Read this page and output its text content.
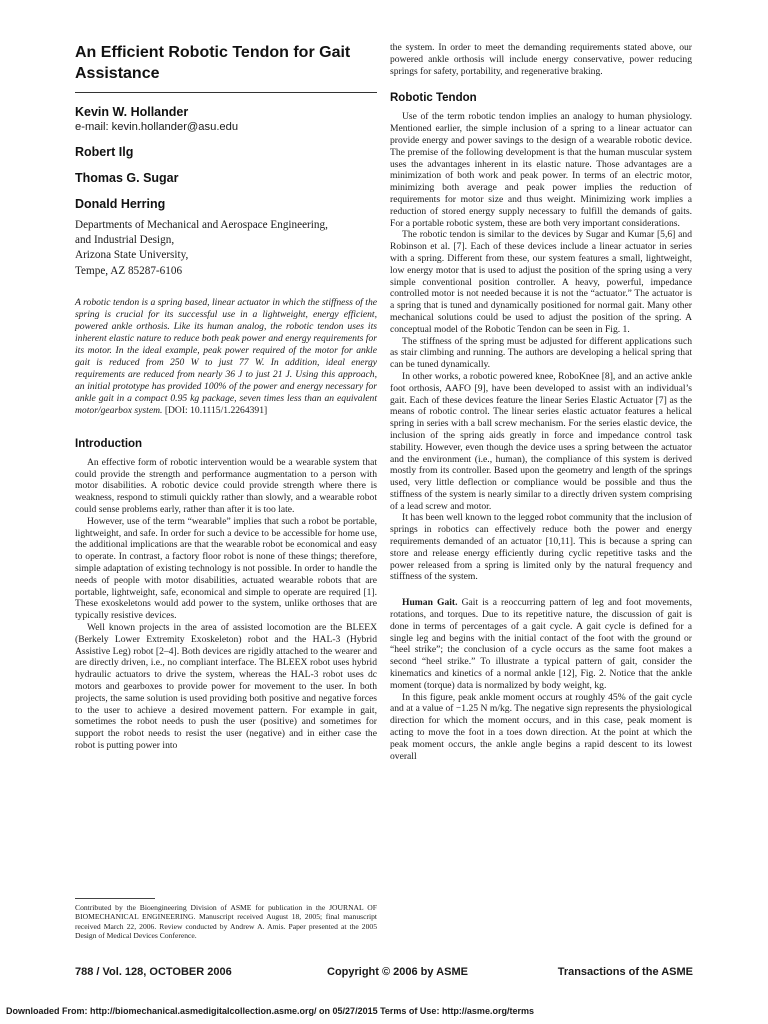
An Efficient Robotic Tendon for Gait Assistance

Kevin W. Hollander

e-mail: kevin.hollander@asu.edu

Robert Ilg

Thomas G. Sugar

Donald Herring

Departments of Mechanical and Aerospace Engineering,
and Industrial Design,
Arizona State University,
Tempe, AZ 85287-6106

A robotic tendon is a spring based, linear actuator in which the stiffness of the spring is crucial for its successful use in a lightweight, energy efficient, powered ankle orthosis. Like its human analog, the robotic tendon uses its inherent elastic nature to reduce both peak power and energy requirements for its motor. In the ideal example, peak power required of the motor for ankle gait is reduced from 250 W to just 77 W. In addition, ideal energy requirements are reduced from nearly 36 J to just 21 J. Using this approach, an initial prototype has provided 100% of the power and energy necessary for ankle gait in a compact 0.95 kg package, seven times less than an equivalent motor/gearbox system. [DOI: 10.1115/1.2264391]

Introduction

An effective form of robotic intervention would be a wearable system that could provide the strength and performance augmentation to a person with motor disabilities. A robotic device could provide strength where there is weakness, respond to stimuli quickly rather than slowly, and a wearable robot could sense problems early, rather than after it is too late.

However, use of the term “wearable” implies that such a robot be portable, lightweight, and safe. In order for such a device to be accessible for home use, the additional implications are that the wearable robot be economical and easy to operate. In contrast, a factory floor robot is none of these things; therefore, simple adaptation of existing technology is not possible. In order to handle the needs of people with motor disabilities, actuated wearable robots that are portable, lightweight, safe, economical and simple to operate are required [1]. These exoskeletons would add power to the system, unlike orthoses that are typically resistive devices.

Well known projects in the area of assisted locomotion are the BLEEX (Berkely Lower Extremity Exoskeleton) robot and the HAL-3 (Hybrid Assistive Leg) robot [2–4]. Both devices are rigidly attached to the wearer and are directly driven, i.e., no compliant interface. The BLEEX robot uses hybrid hydraulic actuators to drive the system, whereas the HAL-3 robot uses dc motors and gearboxes to provide power for movement to the user. In both projects, the same solution is used providing both positive and negative forces to the user to achieve a desired movement pattern. For example in gait, sometimes the robot needs to push the user (positive) and sometimes for support the robot needs to resist the user (negative) and in either case the robot is putting power into

the system. In order to meet the demanding requirements stated above, our powered ankle orthosis will include energy conservative, power reducing springs for safety, portability, and regenerative braking.

Robotic Tendon

Use of the term robotic tendon implies an analogy to human physiology. Mentioned earlier, the simple inclusion of a spring to a linear actuator can provide energy and power savings to the design of a wearable robotic device. The premise of the following development is that the human muscular system uses the advantages inherent in its elastic nature. Those advantages are a minimization of both work and peak power. In terms of an electric motor, minimizing both average and peak power implies the reduction of requirements for motor size and thus weight. Minimizing work implies a reduction of stored energy supply necessary to fulfill the demands of gaits. For a portable robotic system, these are both very important considerations.

The robotic tendon is similar to the devices by Sugar and Kumar [5,6] and Robinson et al. [7]. Each of these devices include a linear actuator in series with a spring. Different from these, our system features a small, lightweight, low energy motor that is used to adjust the position of the spring using a very simple conventional position controller. A heavy, powerful, impedance controlled motor is not needed because it is not the “actuator.” The actuator is a spring that is tuned and dynamically positioned for normal gait. Many other mechanical solutions could be used to adjust the position of the spring. A conceptual model of the Robotic Tendon can be seen in Fig. 1.

The stiffness of the spring must be adjusted for different applications such as stair climbing and running. The authors are developing a helical spring that can be tuned dynamically.

In other works, a robotic powered knee, RoboKnee [8], and an active ankle foot orthosis, AAFO [9], have been developed to assist with an individual’s gait. Each of these devices feature the linear Series Elastic Actuator [7] as the means of robotic control. The linear series elastic actuator features a helical spring in series with a ball screw mechanism. For the series elastic device, the inclusion of the spring aids greatly in force and impedance control task stability. However, even though the device uses a spring between the actuator and the environment (i.e., human), the compliance of this system is derived mostly from its controller. Based upon the geometry and length of the springs used, very little deflection or compliance would be possible and thus the stiffness of the system is nearly similar to a directly driven system comprising of a lead screw and motor.

It has been well known to the legged robot community that the inclusion of springs in robotics can effectively reduce both the power and energy requirements demanded of an actuator [10,11]. This is because a spring can store and release energy efficiently during cyclic repetitive tasks and the power released from a spring is limited only by the natural frequency and stiffness of the system.

Human Gait. Gait is a reoccurring pattern of leg and foot movements, rotations, and torques. Due to its repetitive nature, the discussion of gait is done in terms of percentages of a gait cycle. A gait cycle is defined for a single leg and begins with the initial contact of the foot with the ground or “heel strike”; the conclusion of a cycle occurs as the same foot makes a second “heel strike.” To illustrate a typical pattern of gait, consider the kinematics and kinetics of a normal ankle [12], Fig. 2. Notice that the ankle moment (torque) data is normalized by body weight, kg.

In this figure, peak ankle moment occurs at roughly 45% of the gait cycle and at a value of −1.25 N m/kg. The negative sign represents the physiological direction for which the moment occurs, and in this case, peak moment is acting to move the foot in a toes down direction. At the point at which the peak moment occurs, the ankle angle begins a rapid descent to its lowest overall

Contributed by the Bioengineering Division of ASME for publication in the JOURNAL OF BIOMECHANICAL ENGINEERING. Manuscript received August 18, 2005; final manuscript received March 22, 2006. Review conducted by Andrew A. Amis. Paper presented at the 2005 Design of Medical Devices Conference.
788 / Vol. 128, OCTOBER 2006	Copyright © 2006 by ASME	Transactions of the ASME
Downloaded From: http://biomechanical.asmedigitalcollection.asme.org/ on 05/27/2015 Terms of Use: http://asme.org/terms
